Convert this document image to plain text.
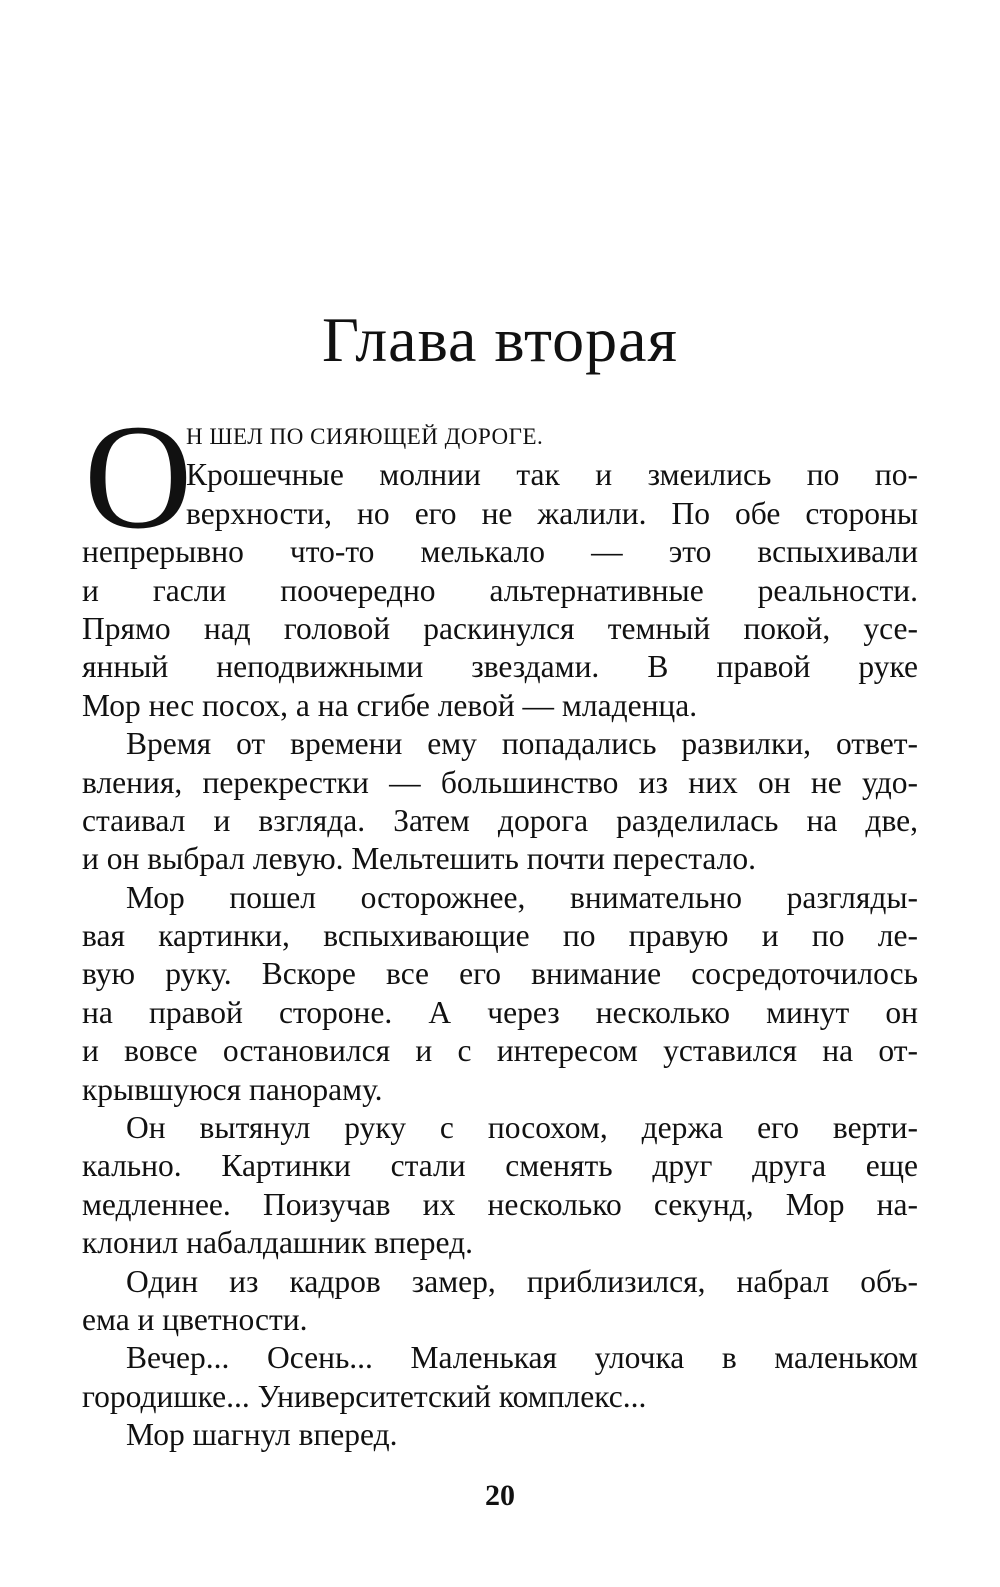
Глава вторая
О
Н ШЕЛ ПО СИЯЮЩЕЙ ДОРОГЕ.
Крошечные молнии так и змеились по по-
верхности, но его не жалили. По обе стороны
непрерывно что-то мелькало — это вспыхивали
и гасли поочередно альтернативные реальности.
Прямо над головой раскинулся темный покой, усе-
янный неподвижными звездами. В правой руке
Мор нес посох, а на сгибе левой — младенца.
Время от времени ему попадались развилки, ответ-
вления, перекрестки — большинство из них он не удо-
стаивал и взгляда. Затем дорога разделилась на две,
и он выбрал левую. Мельтешить почти перестало.
Мор пошел осторожнее, внимательно разгляды-
вая картинки, вспыхивающие по правую и по ле-
вую руку. Вскоре все его внимание сосредоточилось
на правой стороне. А через несколько минут он
и вовсе остановился и с интересом уставился на от-
крывшуюся панораму.
Он вытянул руку с посохом, держа его верти-
кально. Картинки стали сменять друг друга еще
медленнее. Поизучав их несколько секунд, Мор на-
клонил набалдашник вперед.
Один из кадров замер, приблизился, набрал объ-
ема и цветности.
Вечер... Осень... Маленькая улочка в маленьком
городишке... Университетский комплекс...
Мор шагнул вперед.
20
